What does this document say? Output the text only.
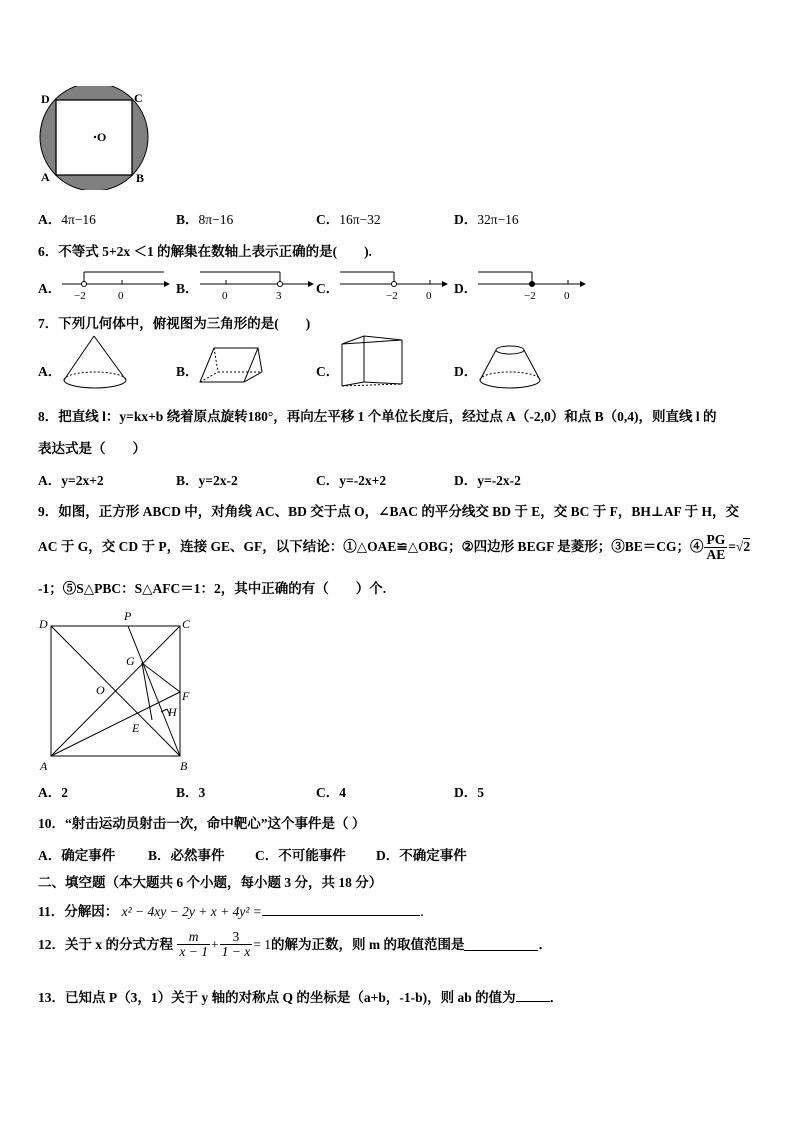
D	C
A	B
O
A．4π−16	B．8π−16	C．16π−32	D．32π−16
6．不等式 5+2x ＜1 的解集在数轴上表示正确的是(　　).
A． −2	0	B． 0	3	C．	−2	0 D．	−2	0
7．下列几何体中，俯视图为三角形的是(　　)
A．	B．	C．	D．
8．把直线 l：y=kx+b 绕着原点旋转180°，再向左平移 1 个单位长度后，经过点 A（-2,0）和点 B（0,4)，则直线 l 的
表达式是（　　）
A．y=2x+2	B．y=2x-2	C．y=-2x+2	D．y=-2x-2
9．如图，正方形 ABCD 中，对角线 AC、BD 交于点 O，∠BAC 的平分线交 BD 于 E，交 BC 于 F，BH⊥AF 于 H，交
AC 于 G，交 CD 于 P，连接 GE、GF，以下结论：①△OAE≌△OBG；②四边形 BEGF 是菱形；③BE＝CG；④ $\frac{PG}{AE} =√2$
-1；⑤S△PBC：S△AFC＝1：2，其中正确的有（　　）个.
D
P
C
G
O	F
H
E
A	B
A．2	B．3	C．4	D．5
10．“射击运动员射击一次，命中靶心”这个事件是（ ）
A．确定事件 B．必然事件 C．不可能事件 D．不确定事件
二、填空题（本大题共 6 个小题，每小题 3 分，共 18 分）
11．分解因： x² − 4xy − 2y + x + 4y² =	．
12．关于 x 的分式方程 $\frac{m}{x - 1} + \frac{3}{1 - x} = 1$的解为正数，则 m 的取值范围是	．
13．已知点 P（3，1）关于 y 轴的对称点 Q 的坐标是（a+b，-1-b)，则 ab 的值为	．
